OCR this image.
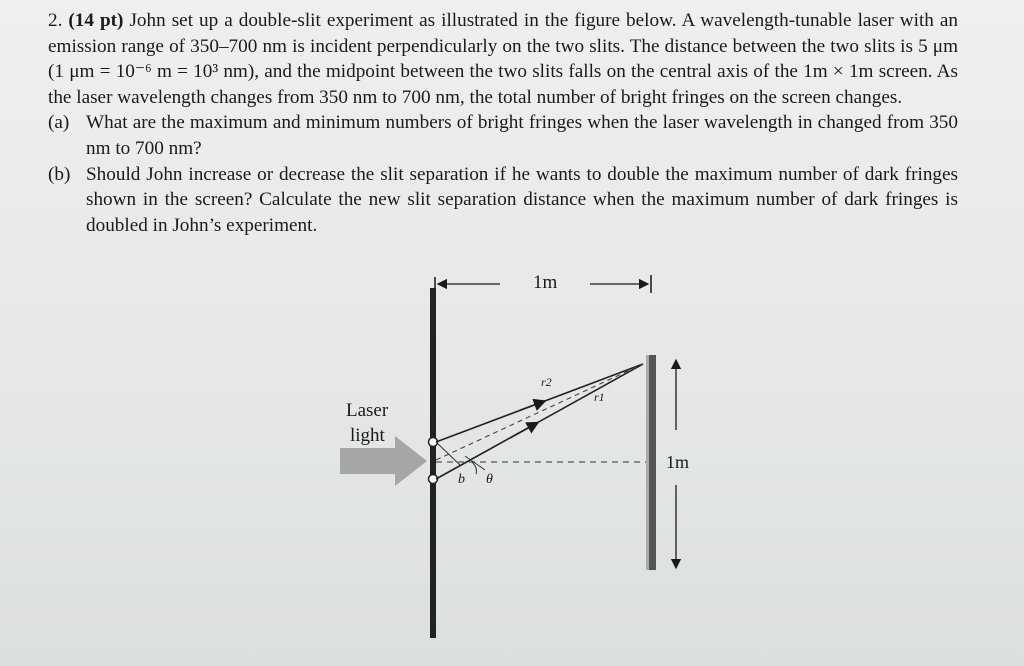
2. (14 pt) John set up a double-slit experiment as illustrated in the figure below. A wavelength-tunable laser with an emission range of 350–700 nm is incident perpendicularly on the two slits. The distance between the two slits is 5 μm (1 μm = 10⁻⁶ m = 10³ nm), and the midpoint between the two slits falls on the central axis of the 1m × 1m screen. As the laser wavelength changes from 350 nm to 700 nm, the total number of bright fringes on the screen changes.

(a) What are the maximum and minimum numbers of bright fringes when the laser wavelength in changed from 350 nm to 700 nm?
(b) Should John increase or decrease the slit separation if he wants to double the maximum number of dark fringes shown in the screen? Calculate the new slit separation distance when the maximum number of dark fringes is doubled in John’s experiment.
1m
1m
Laser
light
r2
r1
b θ
